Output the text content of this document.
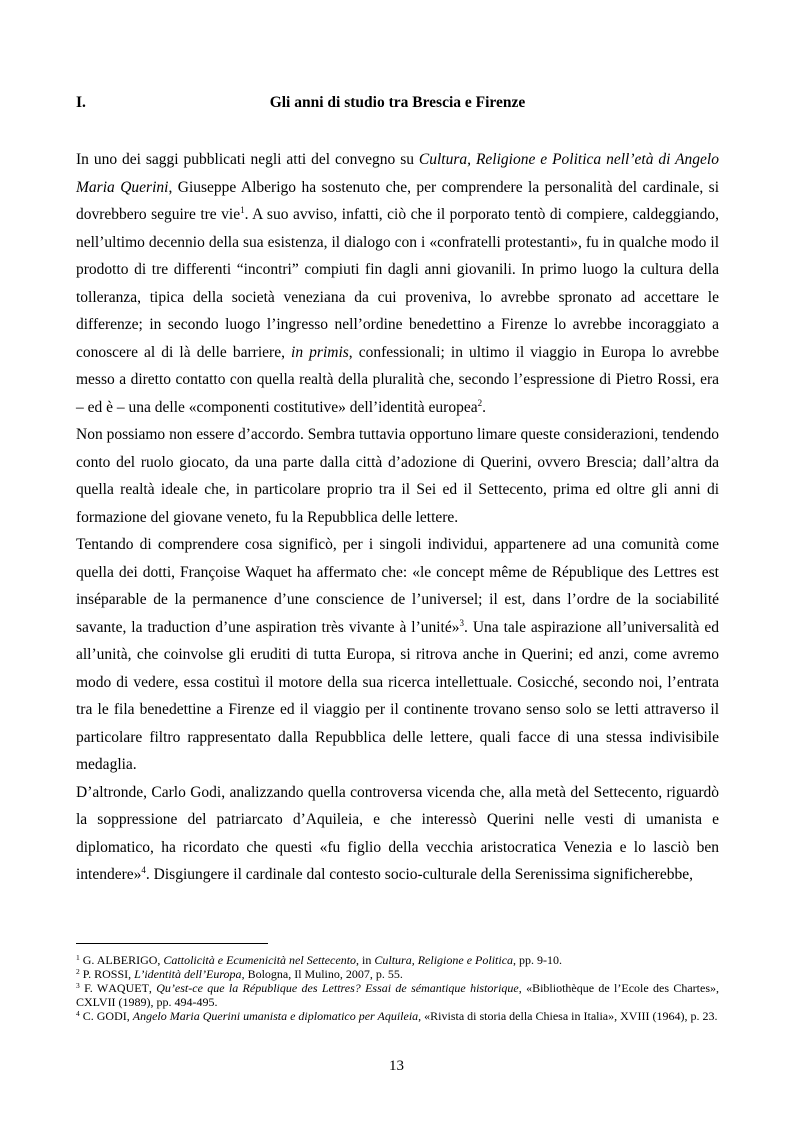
I.	Gli anni di studio tra Brescia e Firenze

In uno dei saggi pubblicati negli atti del convegno su Cultura, Religione e Politica nell’età di Angelo Maria Querini, Giuseppe Alberigo ha sostenuto che, per comprendere la personalità del cardinale, si dovrebbero seguire tre vie$^1$. A suo avviso, infatti, ciò che il porporato tentò di compiere, caldeggiando, nell’ultimo decennio della sua esistenza, il dialogo con i «confratelli protestanti», fu in qualche modo il prodotto di tre differenti “incontri” compiuti fin dagli anni giovanili. In primo luogo la cultura della tolleranza, tipica della società veneziana da cui proveniva, lo avrebbe spronato ad accettare le differenze; in secondo luogo l’ingresso nell’ordine benedettino a Firenze lo avrebbe incoraggiato a conoscere al di là delle barriere, in primis, confessionali; in ultimo il viaggio in Europa lo avrebbe messo a diretto contatto con quella realtà della pluralità che, secondo l’espressione di Pietro Rossi, era – ed è – una delle «componenti costitutive» dell’identità europea$^2$.

Non possiamo non essere d’accordo. Sembra tuttavia opportuno limare queste considerazioni, tendendo conto del ruolo giocato, da una parte dalla città d’adozione di Querini, ovvero Brescia; dall’altra da quella realtà ideale che, in particolare proprio tra il Sei ed il Settecento, prima ed oltre gli anni di formazione del giovane veneto, fu la Repubblica delle lettere.

Tentando di comprendere cosa significò, per i singoli individui, appartenere ad una comunità come quella dei dotti, Françoise Waquet ha affermato che: «le concept même de République des Lettres est inséparable de la permanence d’une conscience de l’universel; il est, dans l’ordre de la sociabilité savante, la traduction d’une aspiration très vivante à l’unité»$^3$. Una tale aspirazione all’universalità ed all’unità, che coinvolse gli eruditi di tutta Europa, si ritrova anche in Querini; ed anzi, come avremo modo di vedere, essa costituì il motore della sua ricerca intellettuale. Cosicché, secondo noi, l’entrata tra le fila benedettine a Firenze ed il viaggio per il continente trovano senso solo se letti attraverso il particolare filtro rappresentato dalla Repubblica delle lettere, quali facce di una stessa indivisibile medaglia.

D’altronde, Carlo Godi, analizzando quella controversa vicenda che, alla metà del Settecento, riguardò la soppressione del patriarcato d’Aquileia, e che interessò Querini nelle vesti di umanista e diplomatico, ha ricordato che questi «fu figlio della vecchia aristocratica Venezia e lo lasciò ben intendere»$^4$. Disgiungere il cardinale dal contesto socio-culturale della Serenissima significherebbe,

$^1$ G. ALBERIGO, Cattolicità e Ecumenicità nel Settecento, in Cultura, Religione e Politica, pp. 9-10.

$^2$ P. ROSSI, L’identità dell’Europa, Bologna, Il Mulino, 2007, p. 55.

$^3$ F. WAQUET, Qu’est-ce que la République des Lettres? Essai de sémantique historique, «Bibliothèque de l’Ecole des Chartes», CXLVII (1989), pp. 494-495.

$^4$ C. GODI, Angelo Maria Querini umanista e diplomatico per Aquileia, «Rivista di storia della Chiesa in Italia», XVIII (1964), p. 23.

13
